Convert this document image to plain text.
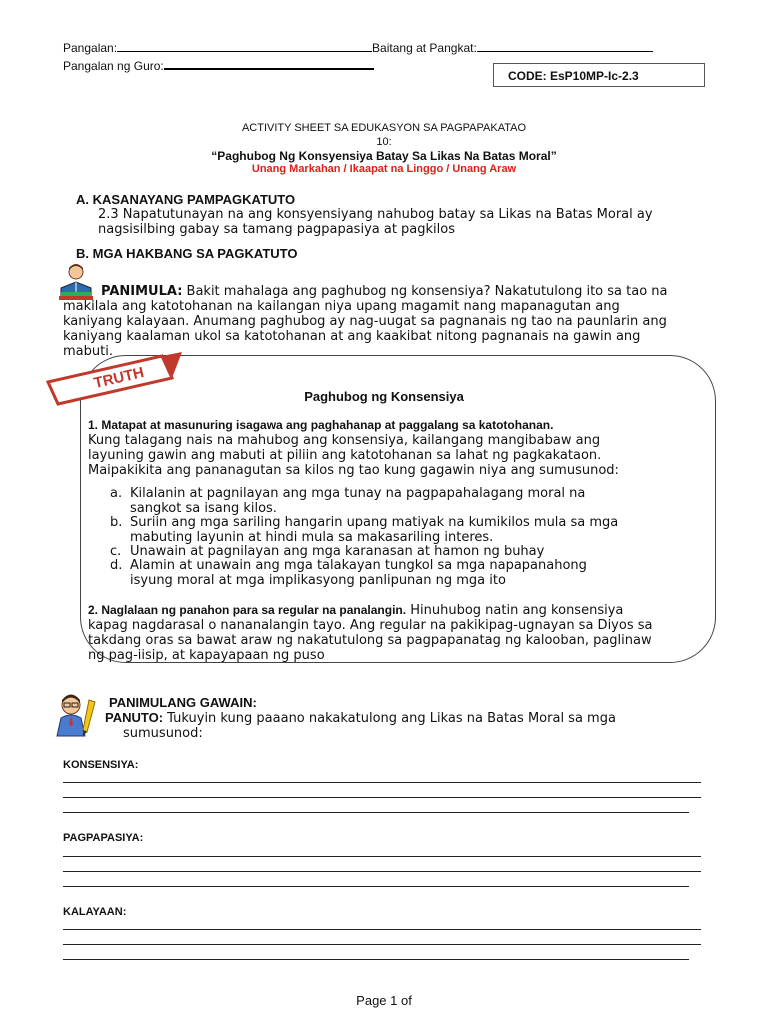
Pangalan:	Baitang at Pangkat:
Pangalan ng Guro:
CODE: EsP10MP-Ic-2.3
ACTIVITY SHEET SA EDUKASYON SA PAGPAPAKATAO
10:
“Paghubog Ng Konsyensiya Batay Sa Likas Na Batas Moral”
Unang Markahan / Ikaapat na Linggo / Unang Araw
A. KASANAYANG PAMPAGKATUTO
2.3 Napatutunayan na ang konsyensiyang nahubog batay sa Likas na Batas Moral ay
nagsisilbing gabay sa tamang pagpapasiya at pagkilos
B. MGA HAKBANG SA PAGKATUTO
PANIMULA: Bakit mahalaga ang paghubog ng konsensiya? Nakatutulong ito sa tao na
makilala ang katotohanan na kailangan niya upang magamit nang mapanagutan ang
kaniyang kalayaan. Anumang paghubog ay nag-uugat sa pagnanais ng tao na paunlarin ang
kaniyang kaalaman ukol sa katotohanan at ang kaakibat nitong pagnanais na gawin ang
mabuti.
TRUTH
Paghubog ng Konsensiya
1. Matapat at masunuring isagawa ang paghahanap at paggalang sa katotohanan.
Kung talagang nais na mahubog ang konsensiya, kailangang mangibabaw ang
layuning gawin ang mabuti at piliin ang katotohanan sa lahat ng pagkakataon.
Maipakikita ang pananagutan sa kilos ng tao kung gagawin niya ang sumusunod:
a. Kilalanin at pagnilayan ang mga tunay na pagpapahalagang moral na
sangkot sa isang kilos.
b. Suriin ang mga sariling hangarin upang matiyak na kumikilos mula sa mga
mabuting layunin at hindi mula sa makasariling interes.
c. Unawain at pagnilayan ang mga karanasan at hamon ng buhay
d. Alamin at unawain ang mga talakayan tungkol sa mga napapanahong
isyung moral at mga implikasyong panlipunan ng mga ito
2. Naglalaan ng panahon para sa regular na panalangin. Hinuhubog natin ang konsensiya
kapag nagdarasal o nananalangin tayo. Ang regular na pakikipag-ugnayan sa Diyos sa
takdang oras sa bawat araw ng nakatutulong sa pagpapanatag ng kalooban, paglinaw
ng pag-iisip, at kapayapaan ng puso
PANIMULANG GAWAIN:
PANUTO: Tukuyin kung paaano nakakatulong ang Likas na Batas Moral sa mga
sumusunod:
KONSENSIYA:
PAGPAPASIYA:
KALAYAAN:
Page 1 of
